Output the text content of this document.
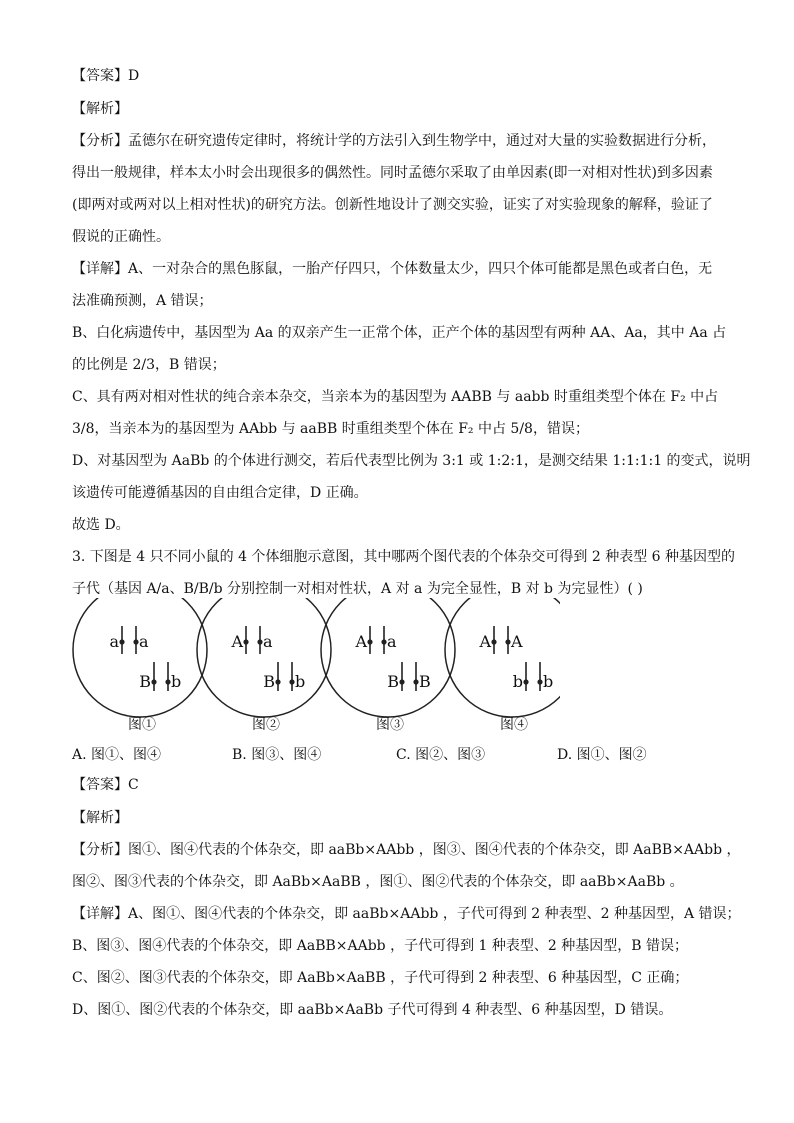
【答案】D
【解析】
【分析】孟德尔在研究遗传定律时，将统计学的方法引入到生物学中，通过对大量的实验数据进行分析，
得出一般规律，样本太小时会出现很多的偶然性。同时孟德尔采取了由单因素(即一对相对性状)到多因素
(即两对或两对以上相对性状)的研究方法。创新性地设计了测交实验，证实了对实验现象的解释，验证了
假说的正确性。
【详解】A、一对杂合的黑色豚鼠，一胎产仔四只，个体数量太少，四只个体可能都是黑色或者白色，无
法准确预测，A 错误；
B、白化病遗传中，基因型为 Aa 的双亲产生一正常个体，正产个体的基因型有两种 AA、Aa，其中 Aa 占
的比例是 2/3，B 错误；
C、具有两对相对性状的纯合亲本杂交，当亲本为的基因型为 AABB 与 aabb 时重组类型个体在 F₂ 中占
3/8，当亲本为的基因型为 AAbb 与 aaBB 时重组类型个体在 F₂ 中占 5/8，错误；
D、对基因型为 AaBb 的个体进行测交，若后代表型比例为 3:1 或 1:2:1，是测交结果 1:1:1:1 的变式，说明
该遗传可能遵循基因的自由组合定律，D 正确。
故选 D。
3. 下图是 4 只不同小鼠的 4 个体细胞示意图，其中哪两个图代表的个体杂交可得到 2 种表型 6 种基因型的
子代（基因 A/a、B/B/b 分别控制一对相对性状，A 对 a 为完全显性，B 对 b 为完显性）( )
a a
B b
图①
A a
B b
图②
A a
B B
图③
A A
b b
图④
A. 图①、图④	B. 图③、图④	C. 图②、图③	D. 图①、图②
【答案】C
【解析】
【分析】图①、图④代表的个体杂交，即 aaBb×AAbb ，图③、图④代表的个体杂交，即 AaBB×AAbb ，
图②、图③代表的个体杂交，即 AaBb×AaBB ，图①、图②代表的个体杂交，即 aaBb×AaBb 。
【详解】A、图①、图④代表的个体杂交，即 aaBb×AAbb ，子代可得到 2 种表型、2 种基因型，A 错误；
B、图③、图④代表的个体杂交，即 AaBB×AAbb ，子代可得到 1 种表型、2 种基因型，B 错误；
C、图②、图③代表的个体杂交，即 AaBb×AaBB ，子代可得到 2 种表型、6 种基因型，C 正确；
D、图①、图②代表的个体杂交，即 aaBb×AaBb 子代可得到 4 种表型、6 种基因型，D 错误。
